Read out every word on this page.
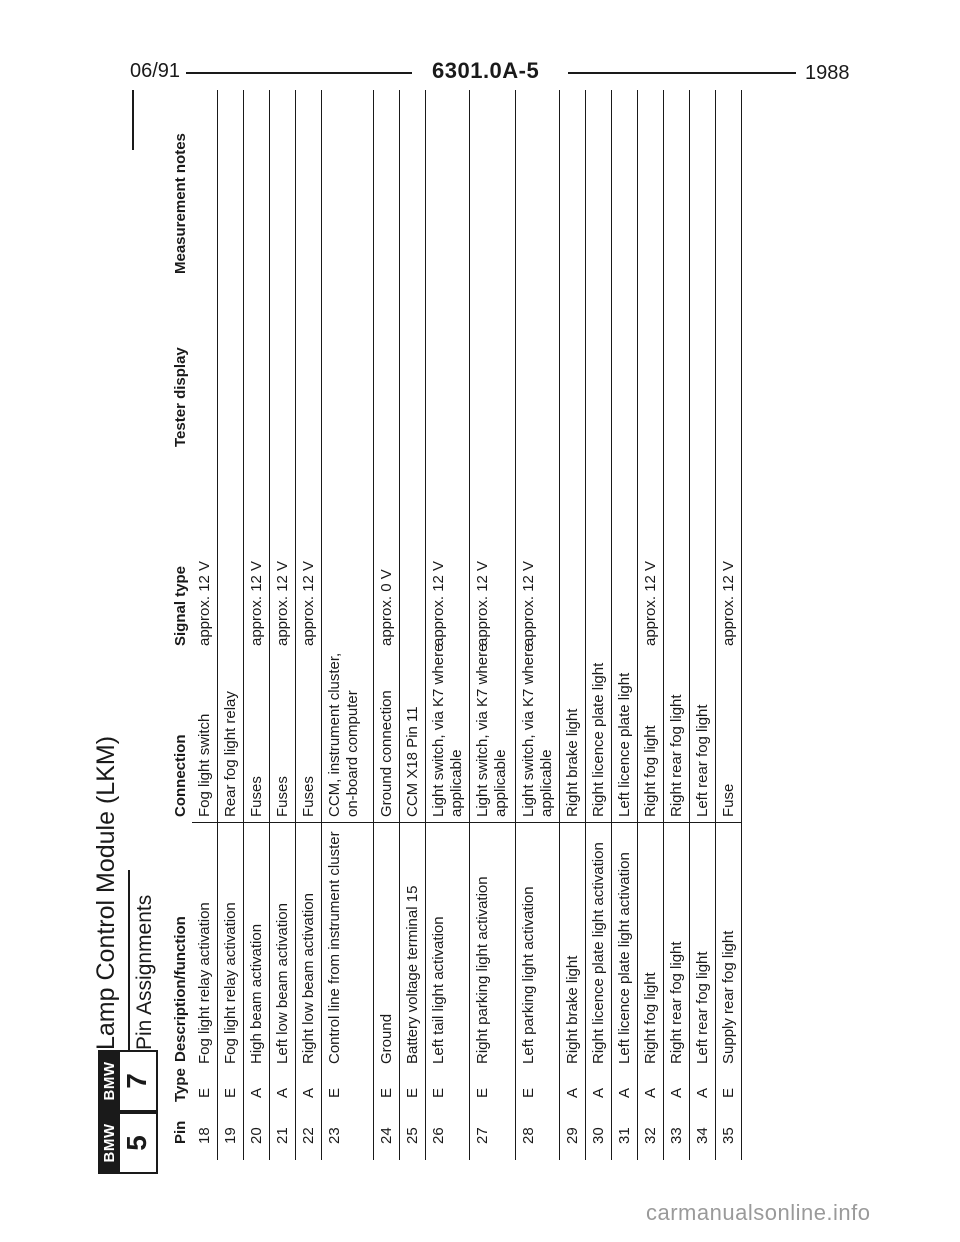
06/91	6301.0A-5	1988
BMW 5
BMW 7
Lamp Control Module (LKM) Pin Assignments
Pin
Type
Description/function
Connection
Signal type
Tester display
Measurement notes
18
E
Fog light relay activation
Fog light switch
approx. 12 V
19
E
Fog light relay activation
Rear fog light relay
20
A
High beam activation
Fuses
approx. 12 V
21
A
Left low beam activation
Fuses
approx. 12 V
22
A
Right low beam activation
Fuses
approx. 12 V
23
E
Control line from instrument cluster
CCM, instrument cluster, on-board computer
24
E
Ground
Ground connection
approx. 0 V
25
E
Battery voltage terminal 15
CCM X18 Pin 11
26
E
Left tail light activation
Light switch, via K7 where applicable
approx. 12 V
27
E
Right parking light activation
Light switch, via K7 where applicable
approx. 12 V
28
E
Left parking light activation
Light switch, via K7 where applicable
approx. 12 V
29
A
Right brake light
Right brake light
30
A
Right licence plate light activation
Right licence plate light
31
A
Left licence plate light activation
Left licence plate light
32
A
Right fog light
Right fog light
approx. 12 V
33
A
Right rear fog light
Right rear fog light
34
A
Left rear fog light
Left rear fog light
35
E
Supply rear fog light
Fuse
approx. 12 V
carmanualsonline.info
